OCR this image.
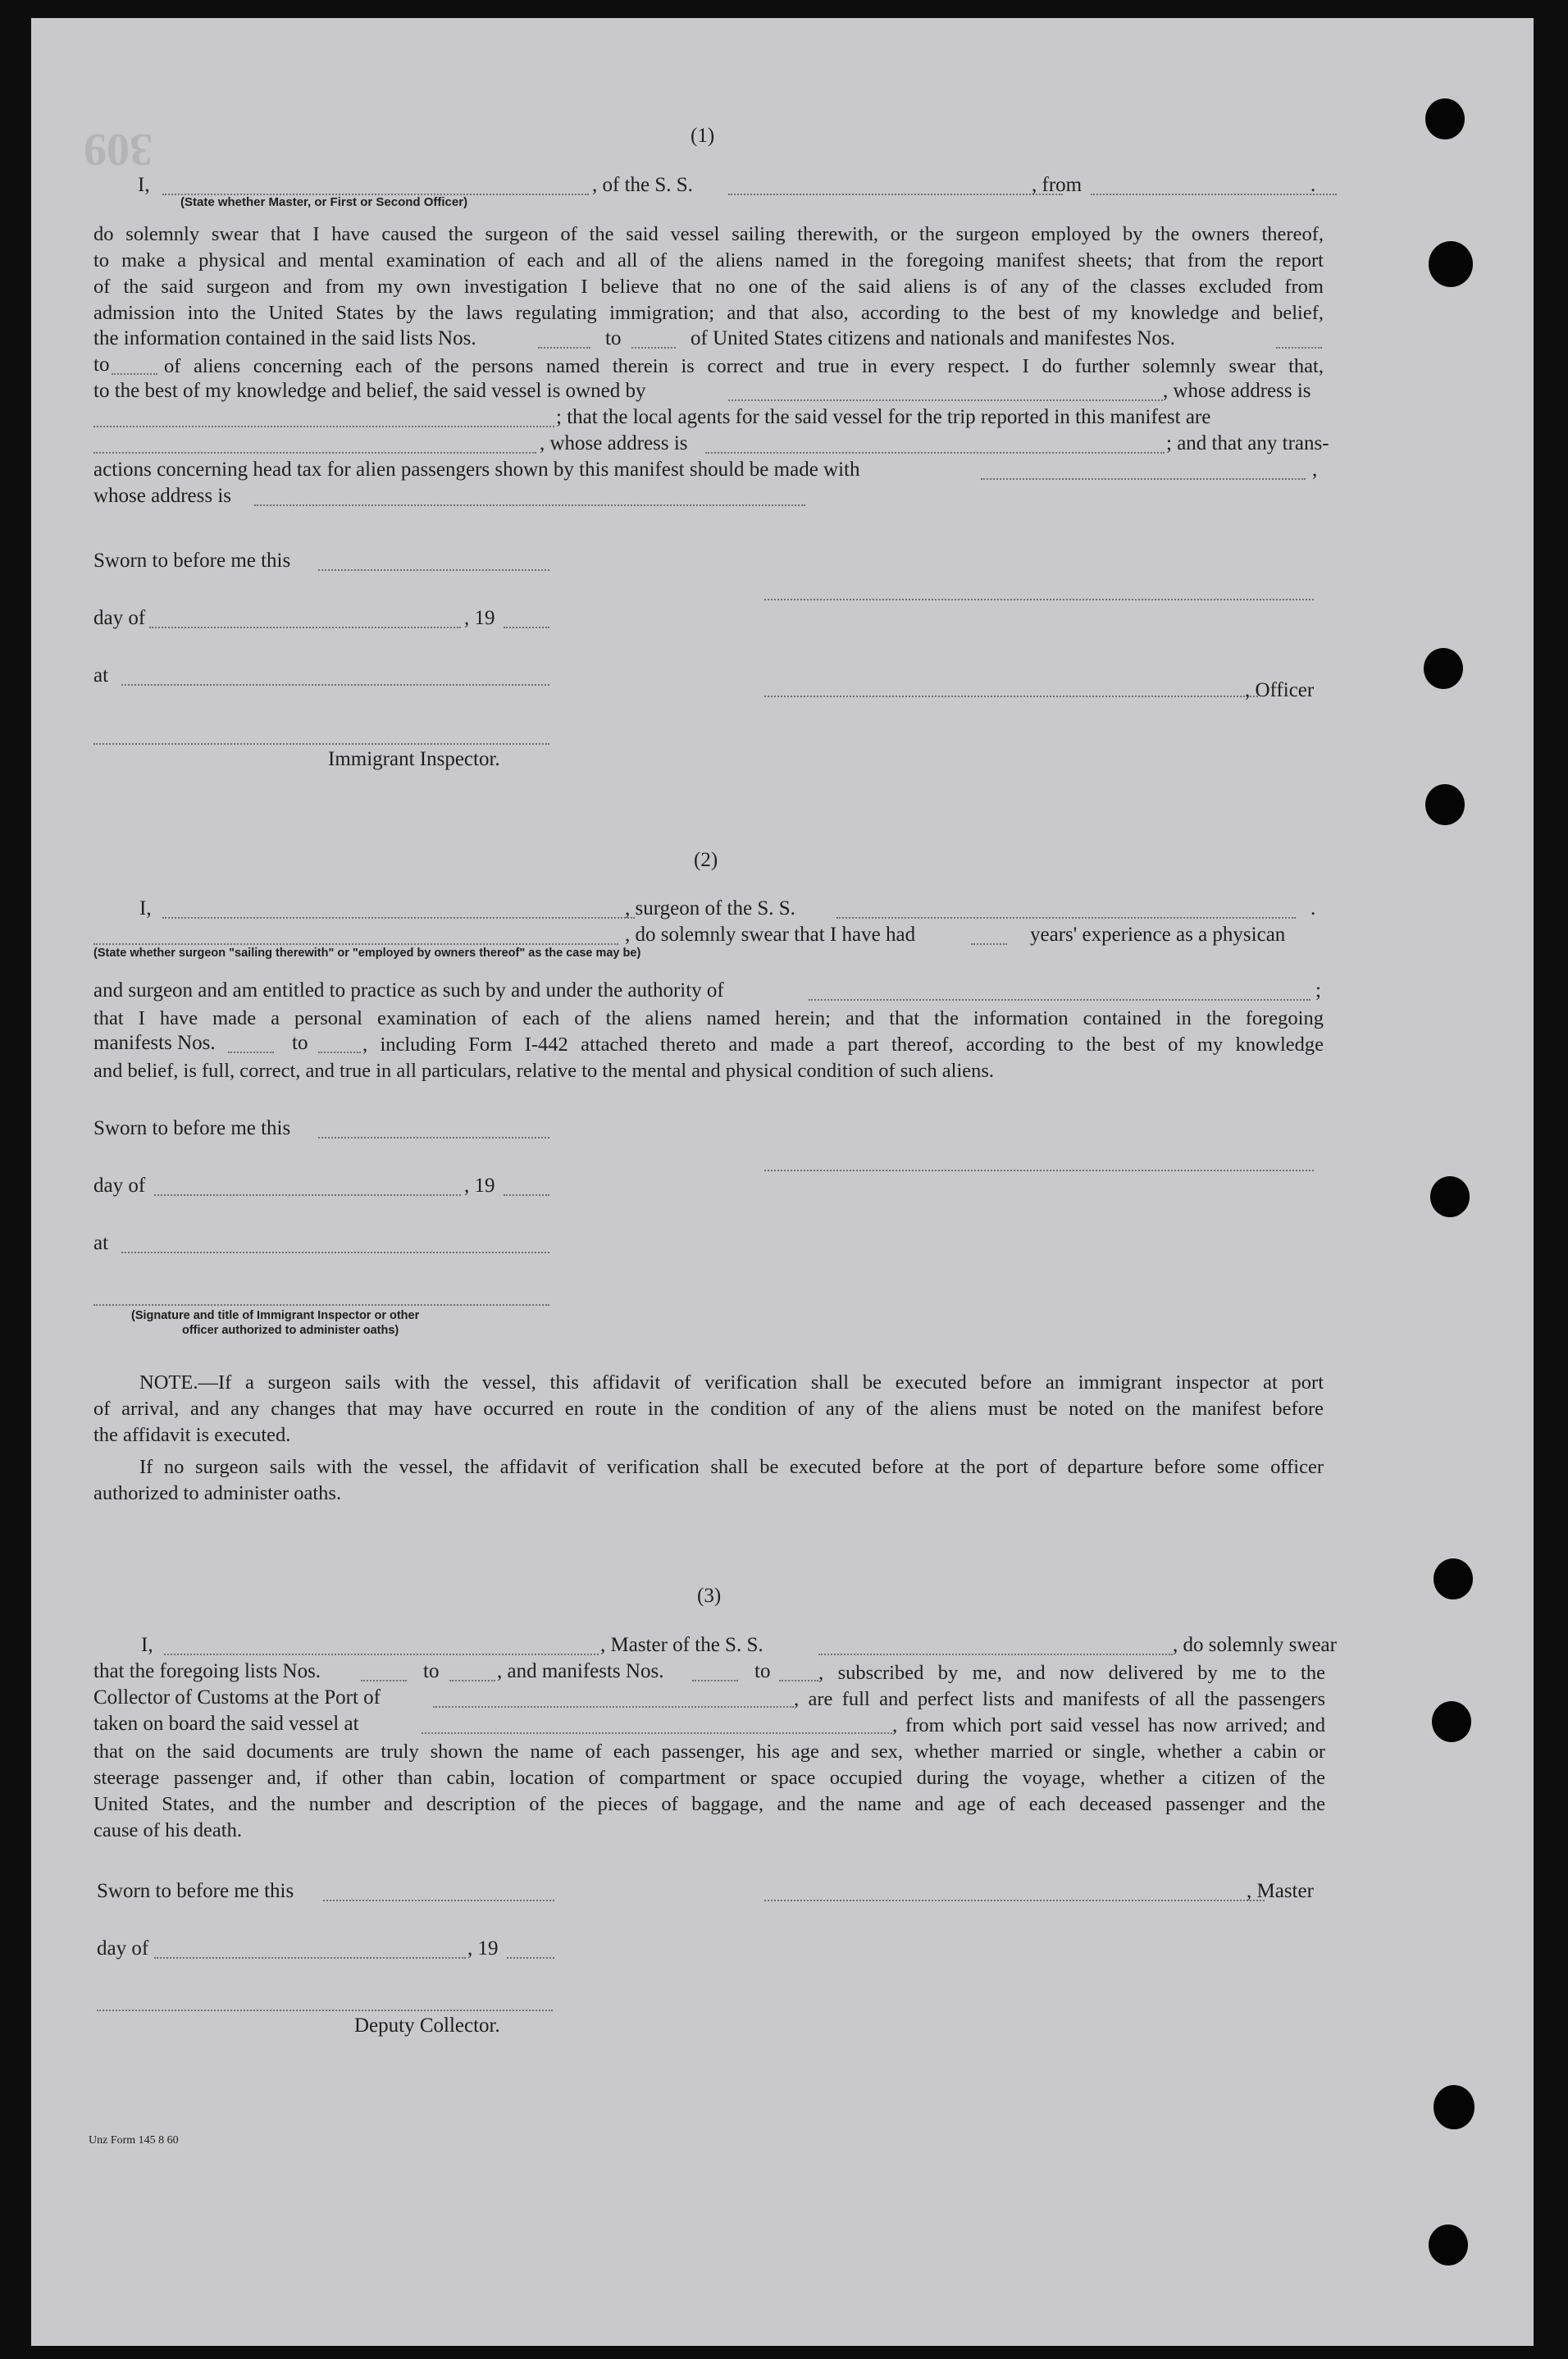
309	(1)
I,	, of the S. S.	, from	.
(State whether Master, or First or Second Officer)
do solemnly swear that I have caused the surgeon of the said vessel sailing therewith, or the surgeon employed by the owners thereof,
to make a physical and mental examination of each and all of the aliens named in the foregoing manifest sheets; that from the report
of the said surgeon and from my own investigation I believe that no one of the said aliens is of any of the classes excluded from
admission into the United States by the laws regulating immigration; and that also, according to the best of my knowledge and belief,
the information contained in the said lists Nos.	to	of United States citizens and nationals and manifestes Nos.
to	of aliens concerning each of the persons named therein is correct and true in every respect. I do further solemnly swear that,
to the best of my knowledge and belief, the said vessel is owned by	, whose address is
; that the local agents for the said vessel for the trip reported in this manifest are
, whose address is	; and that any trans-
actions concerning head tax for alien passengers shown by this manifest should be made with	,
whose address is
Sworn to before me this
day of	, 19
at
, Officer
Immigrant Inspector.
(2)
I,	, surgeon of the S. S.	.
, do solemnly swear that I have had	years' experience as a physican
(State whether surgeon "sailing therewith" or "employed by owners thereof" as the case may be)
and surgeon and am entitled to practice as such by and under the authority of	;
that I have made a personal examination of each of the aliens named herein; and that the information contained in the foregoing
manifests Nos.	to	, including Form I-442 attached thereto and made a part thereof, according to the best of my knowledge
and belief, is full, correct, and true in all particulars, relative to the mental and physical condition of such aliens.
Sworn to before me this
day of	, 19
at
(Signature and title of Immigrant Inspector or other
officer authorized to administer oaths)
NOTE.—If a surgeon sails with the vessel, this affidavit of verification shall be executed before an immigrant inspector at port
of arrival, and any changes that may have occurred en route in the condition of any of the aliens must be noted on the manifest before
the affidavit is executed.
If no surgeon sails with the vessel, the affidavit of verification shall be executed before at the port of departure before some officer
authorized to administer oaths.
(3)
I,	, Master of the S. S.	, do solemnly swear
that the foregoing lists Nos.	to	, and manifests Nos.	to , subscribed by me, and now delivered by me to the
Collector of Customs at the Port of	, are full and perfect lists and manifests of all the passengers
taken on board the said vessel at	, from which port said vessel has now arrived; and
that on the said documents are truly shown the name of each passenger, his age and sex, whether married or single, whether a cabin or
steerage passenger and, if other than cabin, location of compartment or space occupied during the voyage, whether a citizen of the
United States, and the number and description of the pieces of baggage, and the name and age of each deceased passenger and the
cause of his death.
Sworn to before me this	, Master
day of	, 19
Deputy Collector.
Unz Form 145 8 60
